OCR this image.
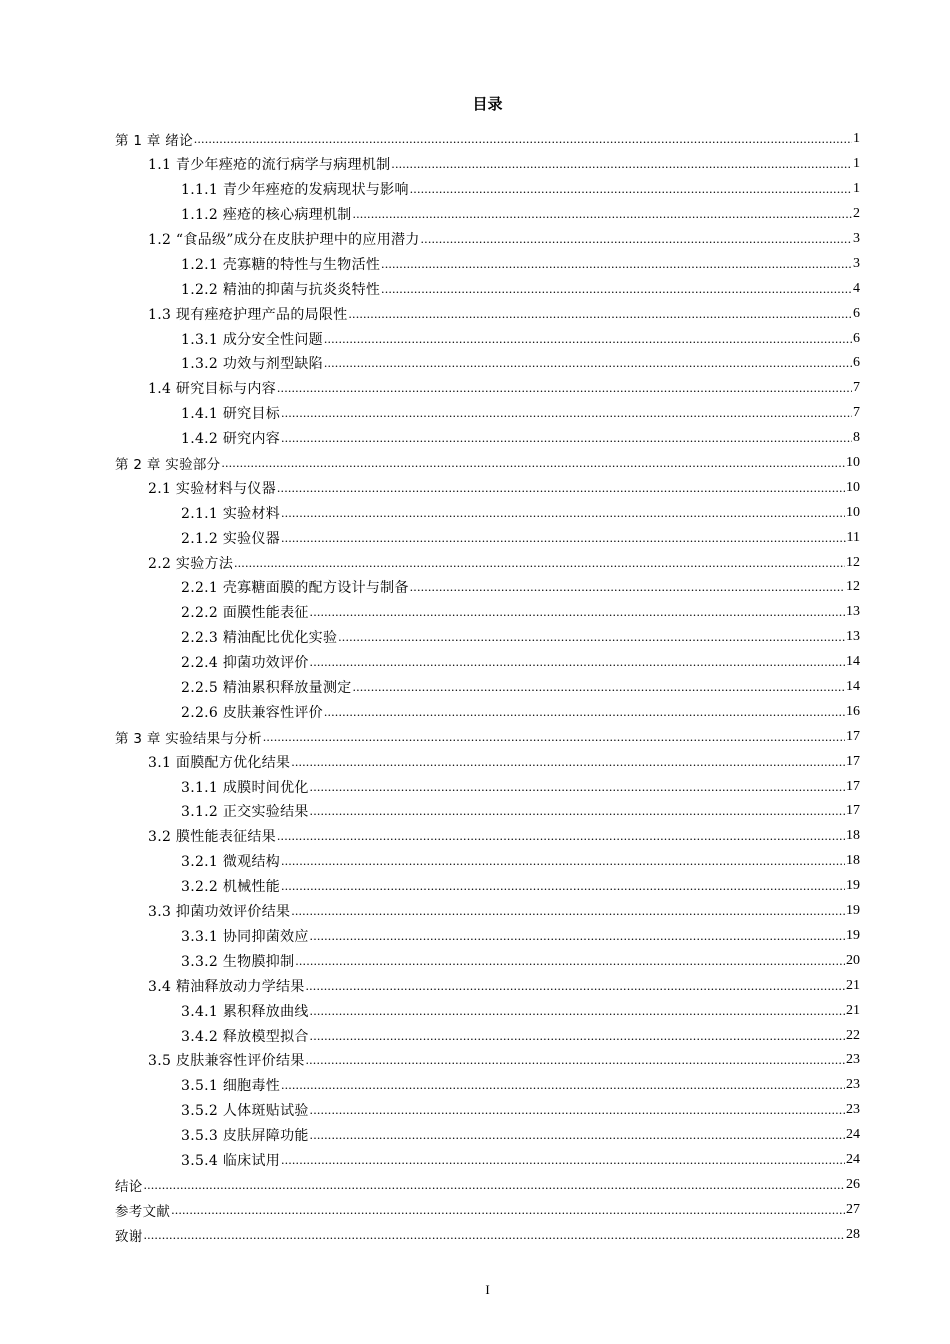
目录
第 1 章 绪论 .....	1
1.1 青少年痤疮的流行病学与病理机制 .....	1
1.1.1 青少年痤疮的发病现状与影响 .....	1
1.1.2 痤疮的核心病理机制 .....	2
1.2 “食品级”成分在皮肤护理中的应用潜力 .....	3
1.2.1 壳寡糖的特性与生物活性 .....	3
1.2.2 精油的抑菌与抗炎炎特性 .....	4
1.3 现有痤疮护理产品的局限性 .....	6
1.3.1 成分安全性问题 .....	6
1.3.2 功效与剂型缺陷 .....	6
1.4 研究目标与内容 .....	7
1.4.1 研究目标 .....	7
1.4.2 研究内容 .....	8
第 2 章 实验部分 .....	10
2.1 实验材料与仪器 .....	10
2.1.1 实验材料 .....	10
2.1.2 实验仪器 .....	11
2.2 实验方法 .....	12
2.2.1 壳寡糖面膜的配方设计与制备 .....	12
2.2.2 面膜性能表征 .....	13
2.2.3 精油配比优化实验 .....	13
2.2.4 抑菌功效评价 .....	14
2.2.5 精油累积释放量测定 .....	14
2.2.6 皮肤兼容性评价 .....	16
第 3 章 实验结果与分析 .....	17
3.1 面膜配方优化结果 .....	17
3.1.1 成膜时间优化 .....	17
3.1.2 正交实验结果 .....	17
3.2 膜性能表征结果 .....	18
3.2.1 微观结构 .....	18
3.2.2 机械性能 .....	19
3.3 抑菌功效评价结果 .....	19
3.3.1 协同抑菌效应 .....	19
3.3.2 生物膜抑制 .....	20
3.4 精油释放动力学结果 .....	21
3.4.1 累积释放曲线 .....	21
3.4.2 释放模型拟合 .....	22
3.5 皮肤兼容性评价结果 .....	23
3.5.1 细胞毒性 .....	23
3.5.2 人体斑贴试验 .....	23
3.5.3 皮肤屏障功能 .....	24
3.5.4 临床试用 .....	24
结论 .....	26
参考文献 .....	27
致谢 .....	28
I
